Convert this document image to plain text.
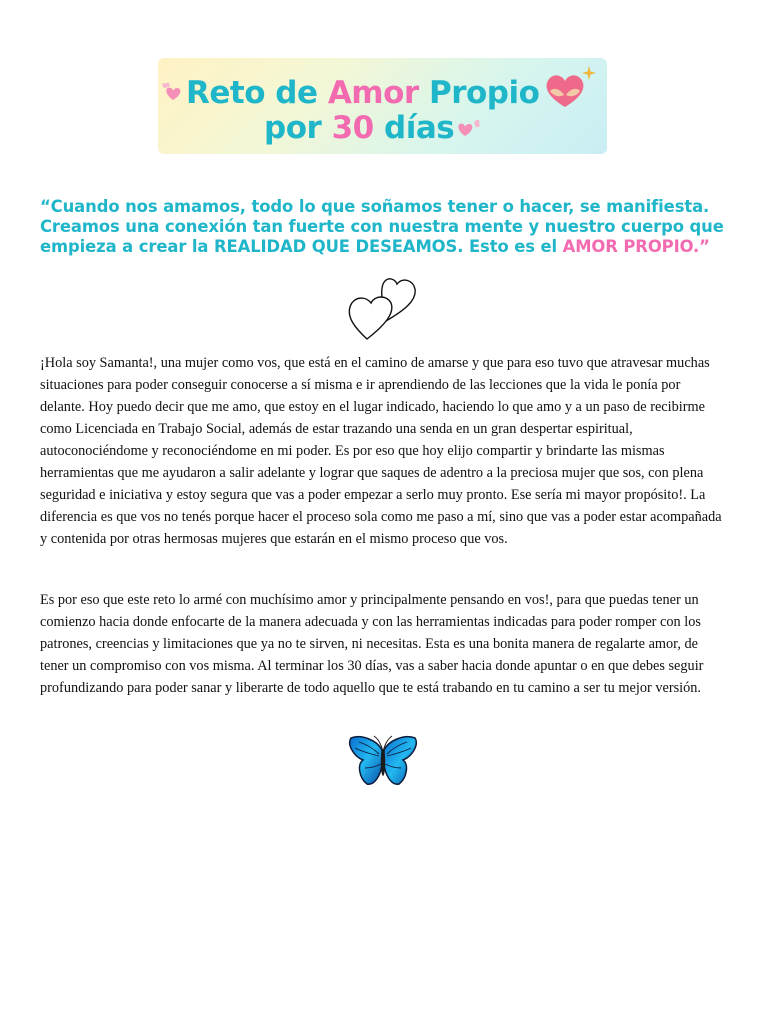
Reto de Amor Propio
por 30 días
“Cuando nos amamos, todo lo que soñamos tener o hacer, se manifiesta. Creamos una conexión tan fuerte con nuestra mente y nuestro cuerpo que empieza a crear la REALIDAD QUE DESEAMOS. Esto es el AMOR PROPIO.”
¡Hola soy Samanta!, una mujer como vos, que está en el camino de amarse y que para eso tuvo que atravesar muchas situaciones para poder conseguir conocerse a sí misma e ir aprendiendo de las lecciones que la vida le ponía por delante. Hoy puedo decir que me amo, que estoy en el lugar indicado, haciendo lo que amo y a un paso de recibirme como Licenciada en Trabajo Social, además de estar trazando una senda en un gran despertar espiritual, autoconociéndome y reconociéndome en mi poder. Es por eso que hoy elijo compartir y brindarte las mismas herramientas que me ayudaron a salir adelante y lograr que saques de adentro a la preciosa mujer que sos, con plena seguridad e iniciativa y estoy segura que vas a poder empezar a serlo muy pronto. Ese sería mi mayor propósito!. La diferencia es que vos no tenés porque hacer el proceso sola como me paso a mí, sino que vas a poder estar acompañada y contenida por otras hermosas mujeres que estarán en el mismo proceso que vos.
Es por eso que este reto lo armé con muchísimo amor y principalmente pensando en vos!, para que puedas tener un comienzo hacia donde enfocarte de la manera adecuada y con las herramientas indicadas para poder romper con los patrones, creencias y limitaciones que ya no te sirven, ni necesitas. Esta es una bonita manera de regalarte amor, de tener un compromiso con vos misma. Al terminar los 30 días, vas a saber hacia donde apuntar o en que debes seguir profundizando para poder sanar y liberarte de todo aquello que te está trabando en tu camino a ser tu mejor versión.
